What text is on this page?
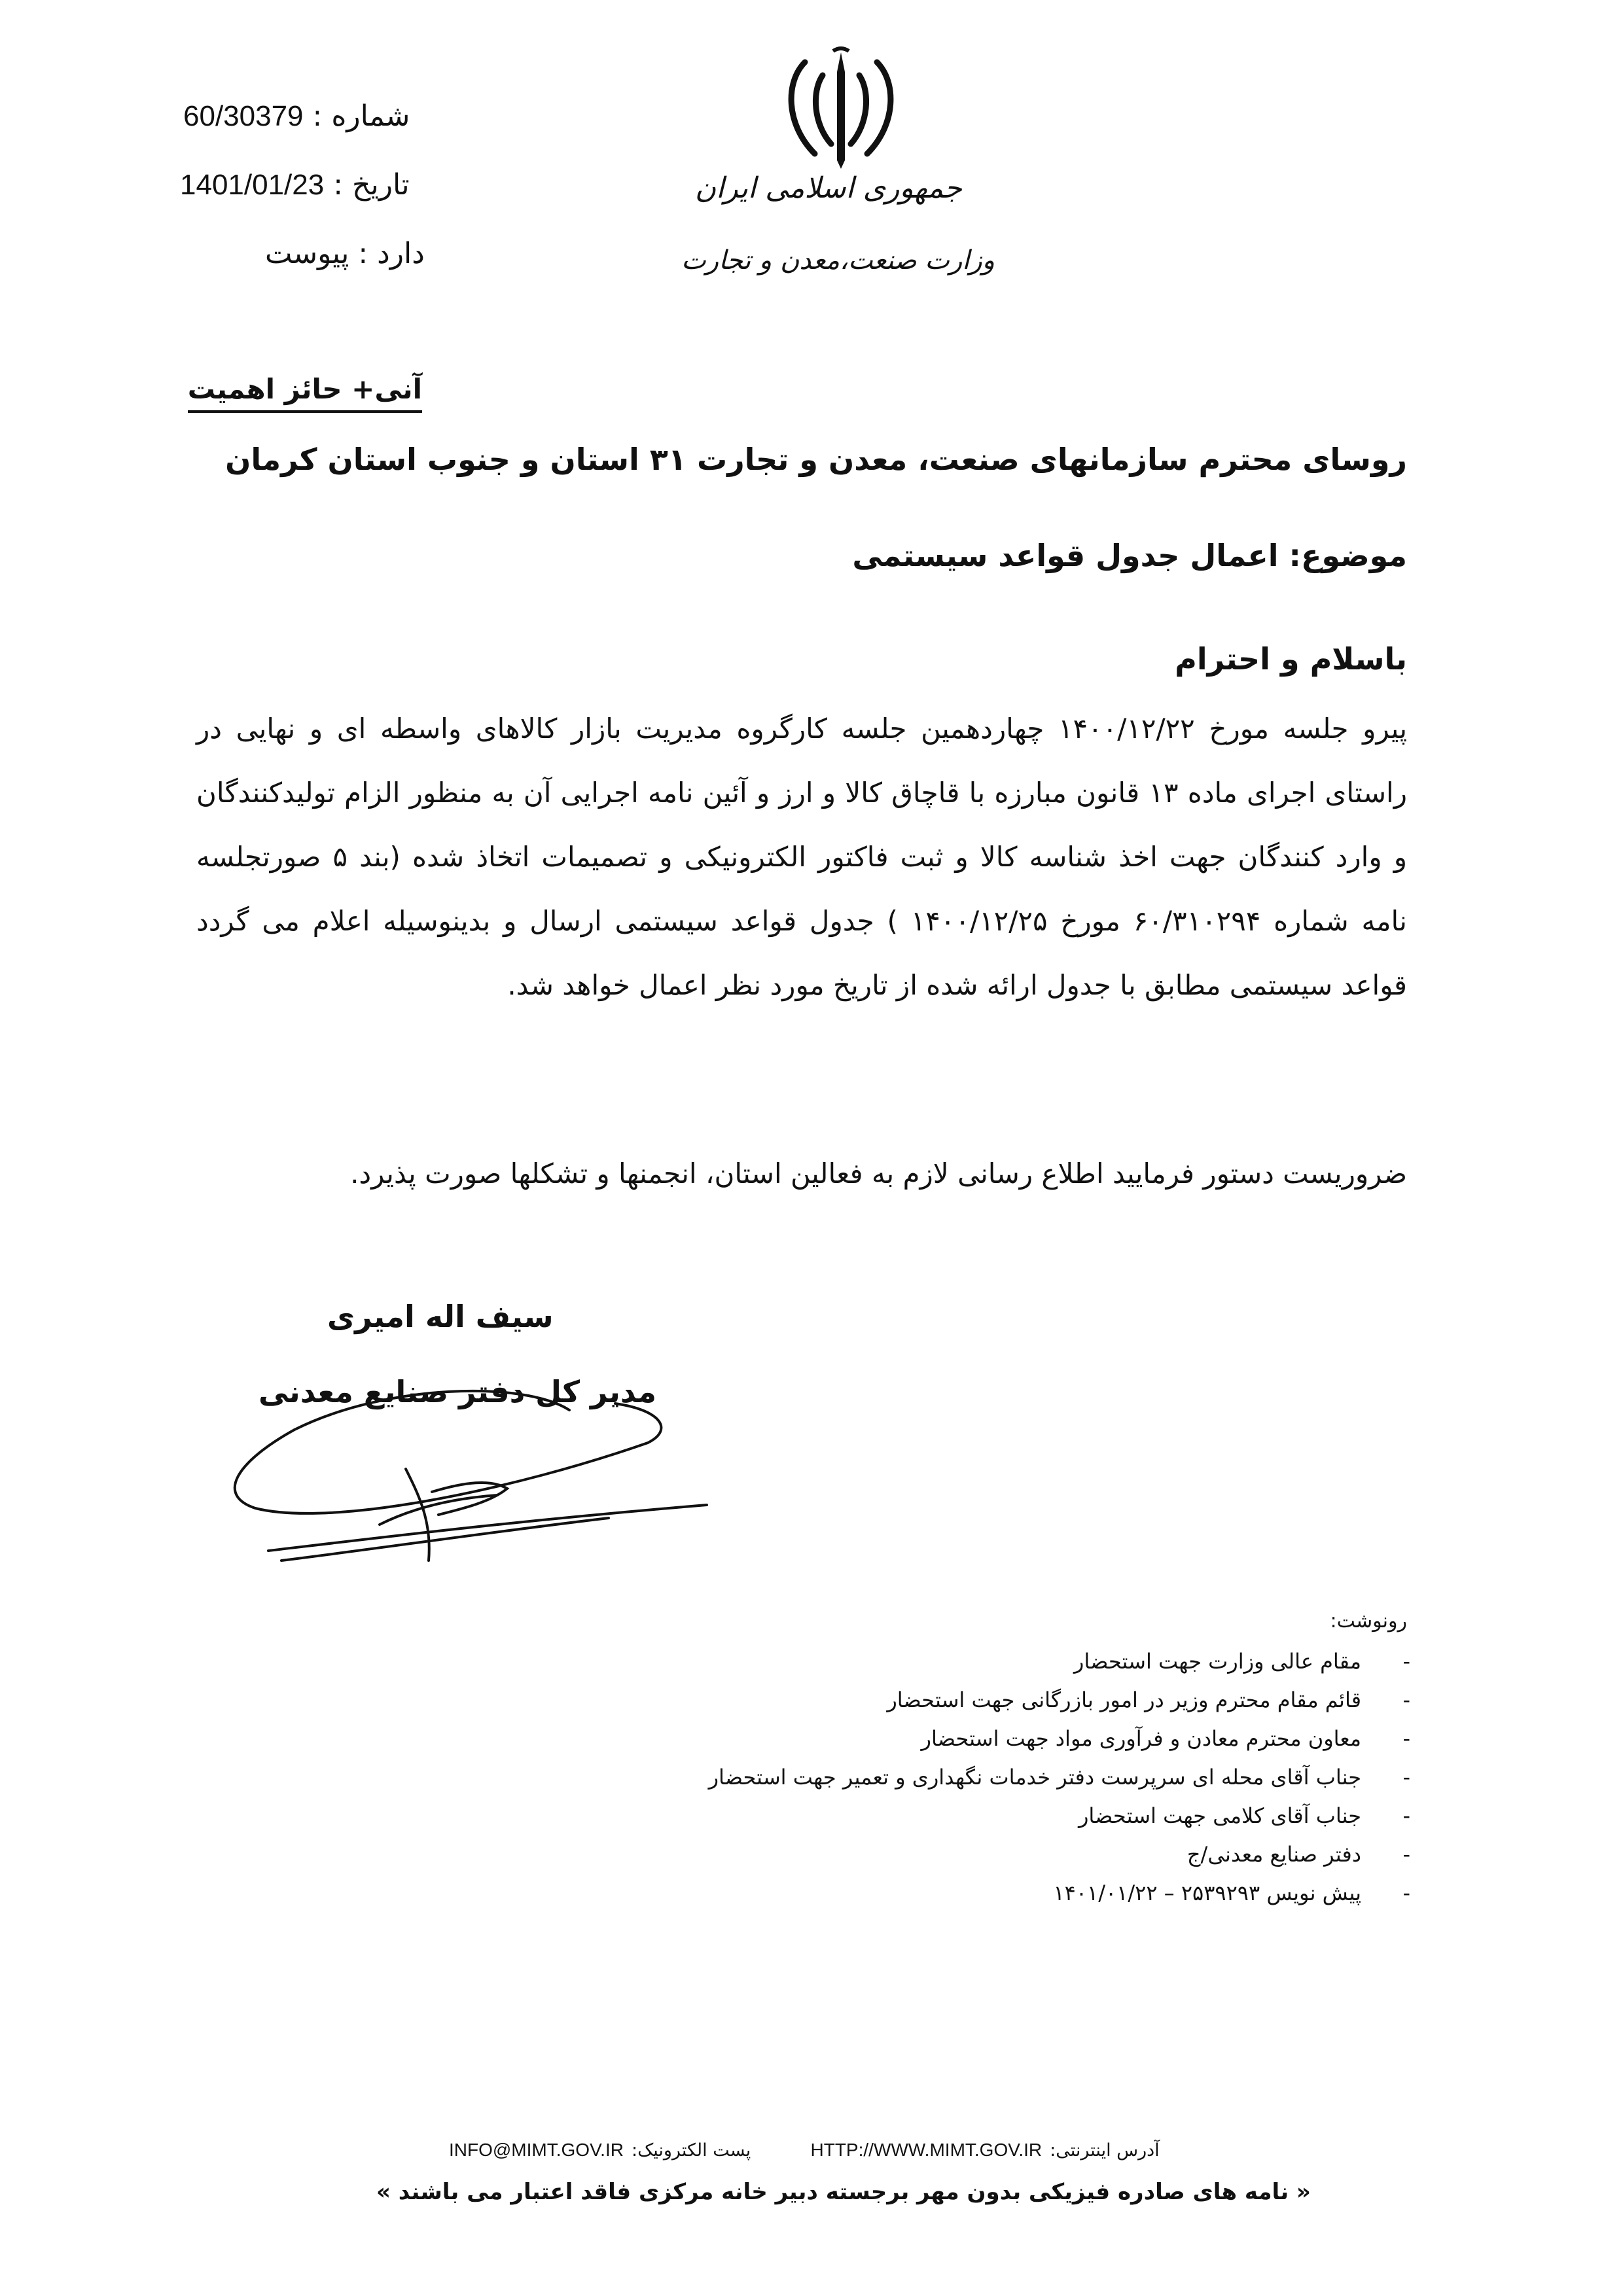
60/30379 : شماره
1401/01/23 : تاریخ
دارد : پیوست
جمهوری اسلامی ایران
وزارت صنعت،معدن و تجارت
آنی+ حائز اهمیت
روسای محترم سازمانهای صنعت، معدن و تجارت ۳۱ استان و جنوب استان کرمان
موضوع: اعمال جدول قواعد سیستمی
باسلام و احترام
پیرو جلسه مورخ ۱۴۰۰/۱۲/۲۲ چهاردهمین جلسه کارگروه مدیریت بازار کالاهای واسطه ای و نهایی در راستای اجرای ماده ۱۳ قانون مبارزه با قاچاق کالا و ارز و آئین نامه اجرایی آن به منظور الزام تولیدکنندگان و وارد کنندگان جهت اخذ شناسه کالا و ثبت فاکتور الکترونیکی و تصمیمات اتخاذ شده (بند ۵ صورتجلسه نامه شماره ۶۰/۳۱۰۲۹۴ مورخ ۱۴۰۰/۱۲/۲۵ ) جدول قواعد سیستمی ارسال و بدینوسیله اعلام می گردد قواعد سیستمی مطابق با جدول ارائه شده از تاریخ مورد نظر اعمال خواهد شد.
ضروریست دستور فرمایید اطلاع رسانی لازم به فعالین استان، انجمنها و تشکلها صورت پذیرد.
سیف اله امیری
مدیر کل دفتر صنایع معدنی
رونوشت:
-
مقام عالی وزارت جهت استحضار
-
قائم مقام محترم وزیر در امور بازرگانی جهت استحضار
-
معاون محترم معادن و فرآوری مواد جهت استحضار
-
جناب آقای محله ای سرپرست دفتر خدمات نگهداری و تعمیر جهت استحضار
-
جناب آقای کلامی جهت استحضار
-
دفتر صنایع معدنی/ج
-
پیش نویس ۲۵۳۹۲۹۳ – ۱۴۰۱/۰۱/۲۲
آدرس اینترنتی:HTTP://WWW.MIMT.GOV.IR  پست الکترونیک:INFO@MIMT.GOV.IR
« نامه های صادره فیزیکی بدون مهر برجسته دبیر خانه مرکزی فاقد اعتبار می باشند »
